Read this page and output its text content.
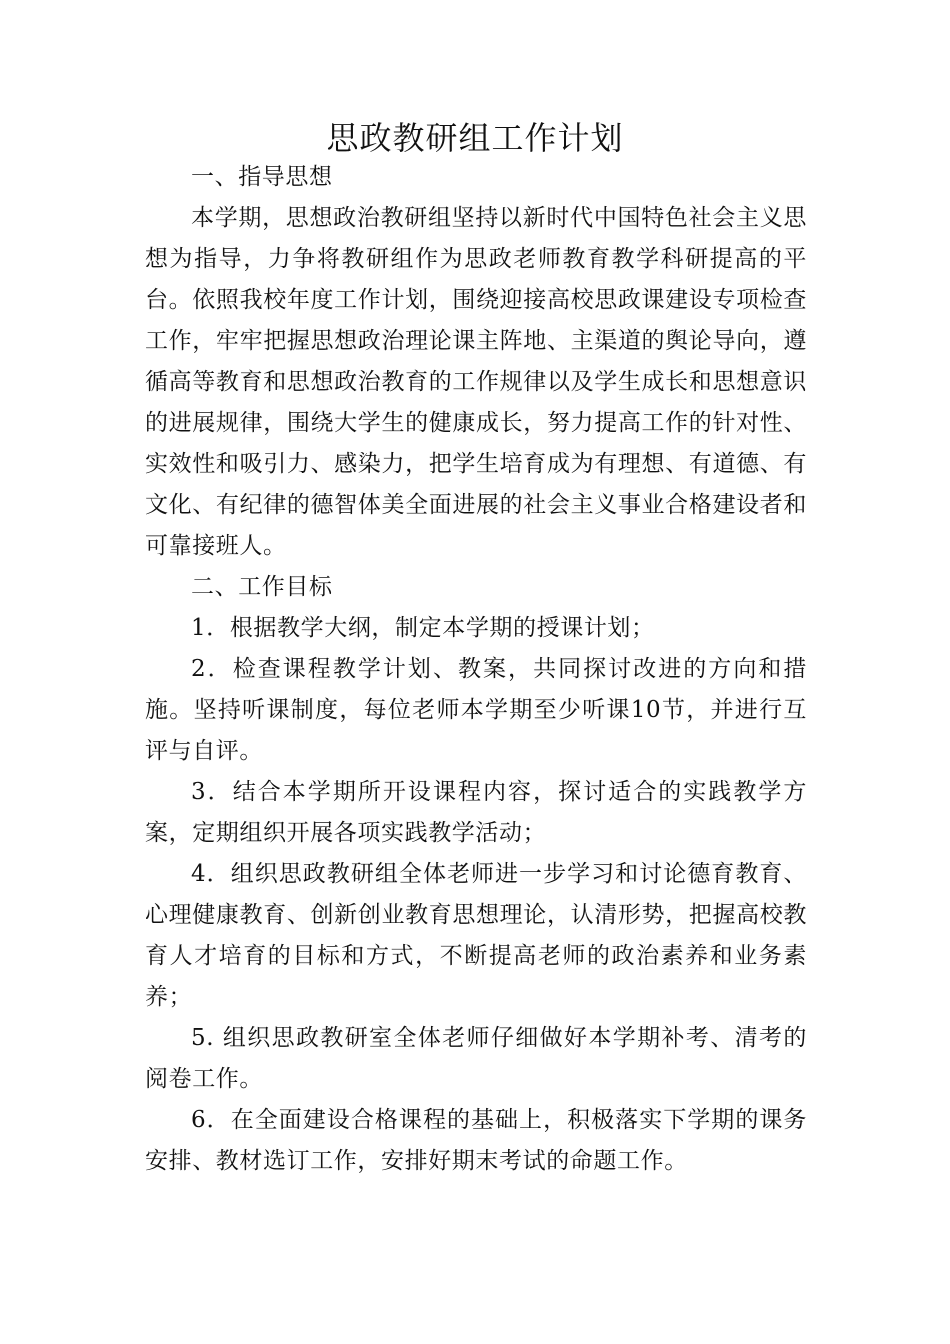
思政教研组工作计划

一、指导思想

本学期，思想政治教研组坚持以新时代中国特色社会主义思想为指导，力争将教研组作为思政老师教育教学科研提高的平台。依照我校年度工作计划，围绕迎接高校思政课建设专项检查工作，牢牢把握思想政治理论课主阵地、主渠道的舆论导向，遵循高等教育和思想政治教育的工作规律以及学生成长和思想意识的进展规律，围绕大学生的健康成长，努力提高工作的针对性、实效性和吸引力、感染力，把学生培育成为有理想、有道德、有文化、有纪律的德智体美全面进展的社会主义事业合格建设者和可靠接班人。

二、工作目标

1．根据教学大纲，制定本学期的授课计划；

2．检查课程教学计划、教案，共同探讨改进的方向和措施。坚持听课制度，每位老师本学期至少听课10节，并进行互评与自评。

3．结合本学期所开设课程内容，探讨适合的实践教学方案，定期组织开展各项实践教学活动；

4．组织思政教研组全体老师进一步学习和讨论德育教育、心理健康教育、创新创业教育思想理论，认清形势，把握高校教育人才培育的目标和方式，不断提高老师的政治素养和业务素养；

5. 组织思政教研室全体老师仔细做好本学期补考、清考的阅卷工作。

6．在全面建设合格课程的基础上，积极落实下学期的课务安排、教材选订工作，安排好期末考试的命题工作。
